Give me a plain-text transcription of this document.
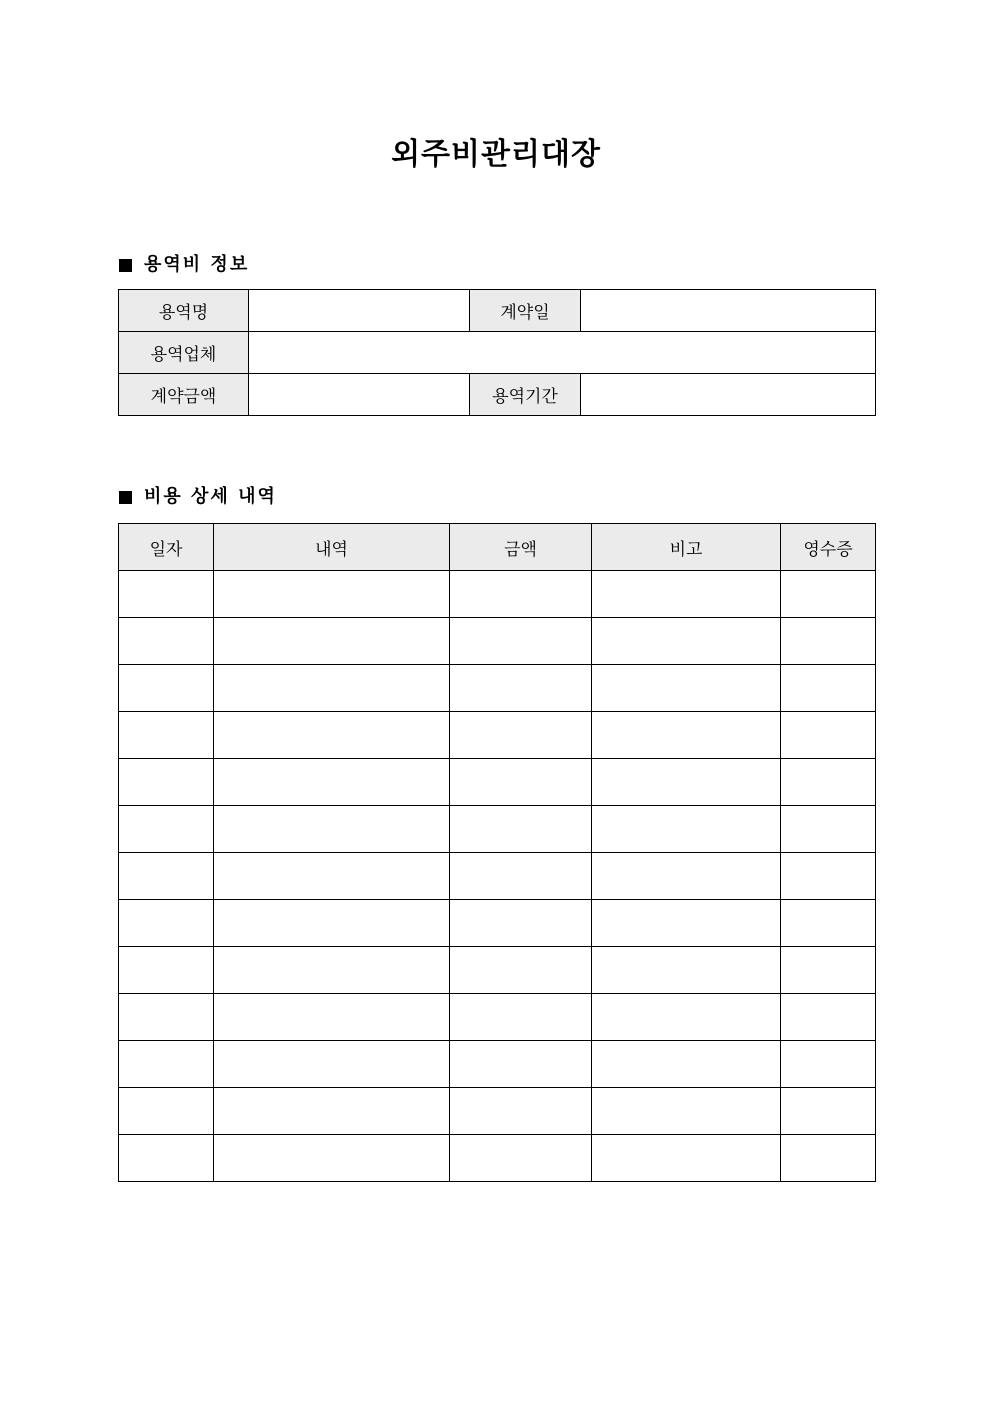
외주비관리대장
용역비 정보
용역명		계약일	
용역업체			
계약금액		용역기간	
비용 상세 내역
일자	내역	금액	비고	영수증
